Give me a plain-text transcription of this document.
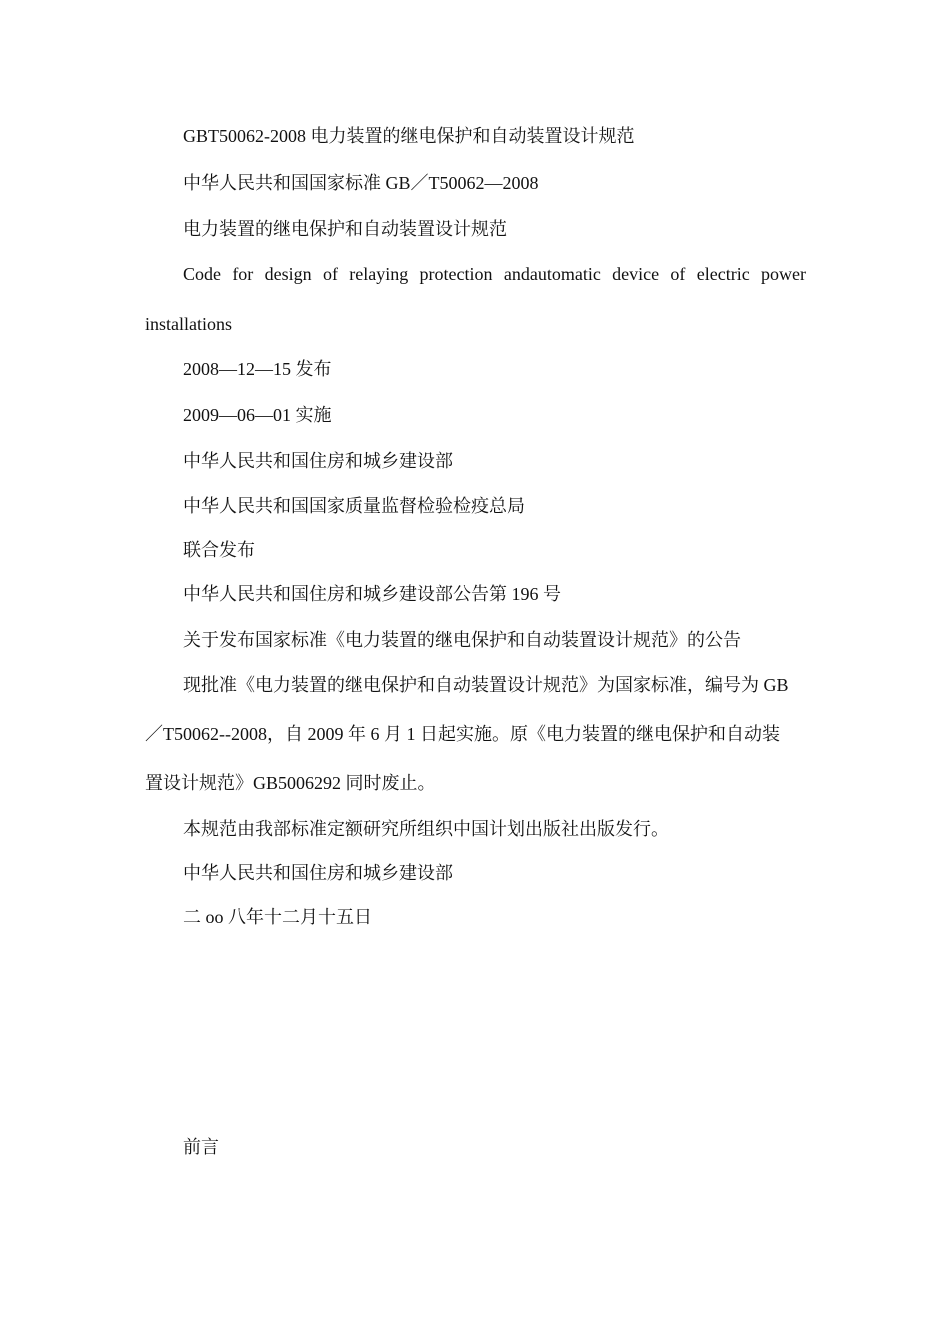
GBT50062-2008 电力装置的继电保护和自动装置设计规范

中华人民共和国国家标准 GB／T50062—2008

电力装置的继电保护和自动装置设计规范

Code for design of relaying protection andautomatic device of electric power

installations

2008—12—15 发布

2009—06—01 实施

中华人民共和国住房和城乡建设部

中华人民共和国国家质量监督检验检疫总局

联合发布

中华人民共和国住房和城乡建设部公告第 196 号

关于发布国家标准《电力装置的继电保护和自动装置设计规范》的公告

现批准《电力装置的继电保护和自动装置设计规范》为国家标准，编号为 GB

／T50062--2008，自 2009 年 6 月 1 日起实施。原《电力装置的继电保护和自动装

置设计规范》GB5006292 同时废止。

本规范由我部标准定额研究所组织中国计划出版社出版发行。

中华人民共和国住房和城乡建设部

二 oo 八年十二月十五日

前言
